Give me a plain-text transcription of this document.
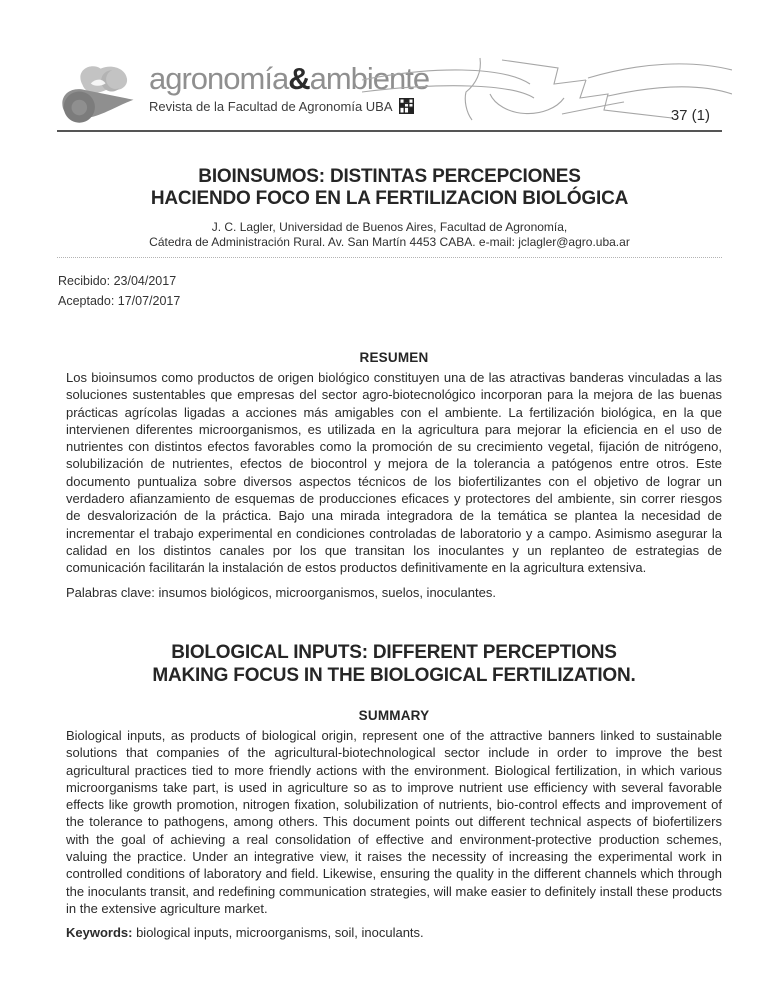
agronomía&ambiente
Revista de la Facultad de Agronomía UBA
37 (1)
BIOINSUMOS: DISTINTAS PERCEPCIONES
HACIENDO FOCO EN LA FERTILIZACION BIOLÓGICA
J. C. Lagler, Universidad de Buenos Aires, Facultad de Agronomía,
Cátedra de Administración Rural. Av. San Martín 4453 CABA. e-mail: jclagler@agro.uba.ar
Recibido: 23/04/2017
Aceptado: 17/07/2017
RESUMEN
Los bioinsumos como productos de origen biológico constituyen una de las atractivas banderas vinculadas a las soluciones sustentables que empresas del sector agro-biotecnológico incorporan para la mejora de las buenas prácticas agrícolas ligadas a acciones más amigables con el ambiente. La fertilización biológica, en la que intervienen diferentes microorganismos, es utilizada en la agricultura para mejorar la eficiencia en el uso de nutrientes con distintos efectos favorables como la promoción de su crecimiento vegetal, fijación de nitrógeno, solubilización de nutrientes, efectos de biocontrol y mejora de la tolerancia a patógenos entre otros. Este documento puntualiza sobre diversos aspectos técnicos de los biofertilizantes con el objetivo de lograr un verdadero afianzamiento de esquemas de producciones eficaces y protectores del ambiente, sin correr riesgos de desvalorización de la práctica. Bajo una mirada integradora de la temática se plantea la necesidad de incrementar el trabajo experimental en condiciones controladas de laboratorio y a campo. Asimismo asegurar la calidad en los distintos canales por los que transitan los inoculantes y un replanteo de estrategias de comunicación facilitarán la instalación de estos productos definitivamente en la agricultura extensiva.
Palabras clave: insumos biológicos, microorganismos, suelos, inoculantes.
BIOLOGICAL INPUTS: DIFFERENT PERCEPTIONS
MAKING FOCUS IN THE BIOLOGICAL FERTILIZATION.
SUMMARY
Biological inputs, as products of biological origin, represent one of the attractive banners linked to sustainable solutions that companies of the agricultural-biotechnological sector include in order to improve the best agricultural practices tied to more friendly actions with the environment. Biological fertilization, in which various microorganisms take part, is used in agriculture so as to improve nutrient use efficiency with several favorable effects like growth promotion, nitrogen fixation, solubilization of nutrients, bio-control effects and improvement of the tolerance to pathogens, among others. This document points out different technical aspects of biofertilizers with the goal of achieving a real consolidation of effective and environment-protective production schemes, valuing the practice. Under an integrative view, it raises the necessity of increasing the experimental work in controlled conditions of laboratory and field. Likewise, ensuring the quality in the different channels which through the inoculants transit, and redefining communication strategies, will make easier to definitely install these products in the extensive agriculture market.
Keywords: biological inputs, microorganisms, soil, inoculants.
